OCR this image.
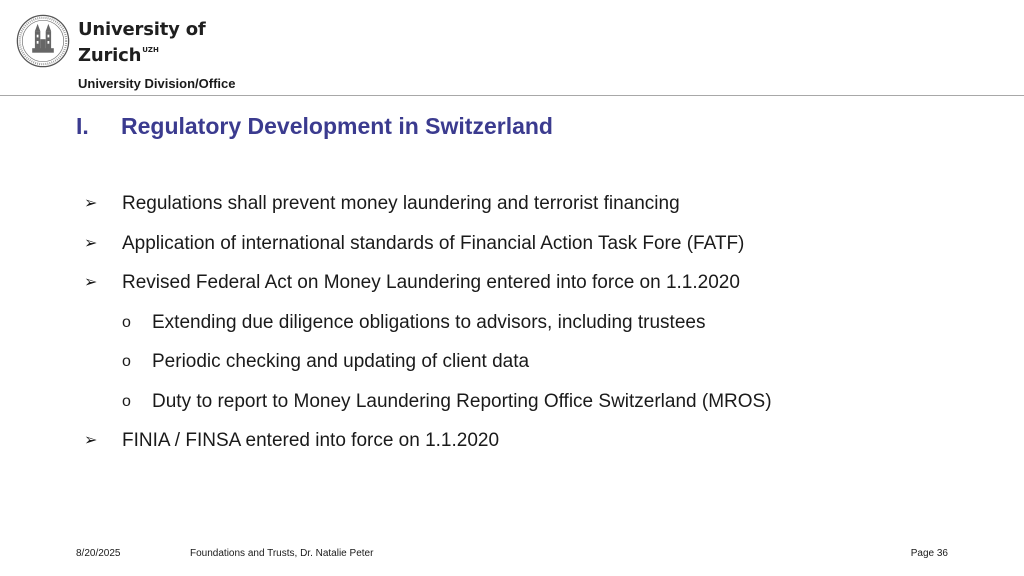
University of
Zurich$^{UZH}$
University Division/Office
I. Regulatory Development in Switzerland
➢ Regulations shall prevent money laundering and terrorist financing
➢ Application of international standards of Financial Action Task Fore (FATF)
➢ Revised Federal Act on Money Laundering entered into force on 1.1.2020
o Extending due diligence obligations to advisors, including trustees
o Periodic checking and updating of client data
o Duty to report to Money Laundering Reporting Office Switzerland (MROS)
➢ FINIA / FINSA entered into force on 1.1.2020
8/20/2025	Foundations and Trusts, Dr. Natalie Peter	Page 36
